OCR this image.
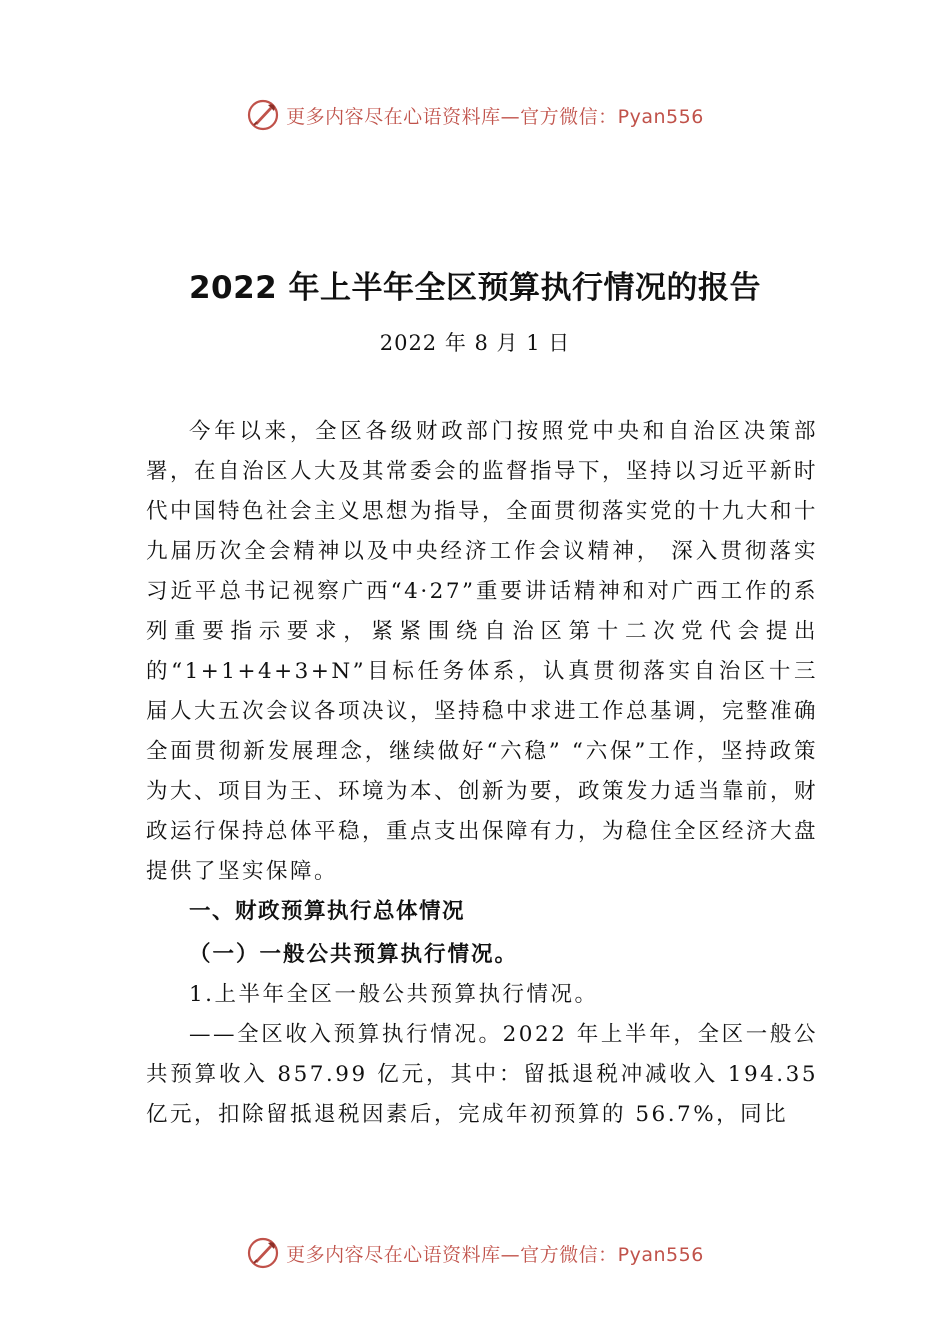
更多内容尽在心语资料库—官方微信：Pyan556
2022 年上半年全区预算执行情况的报告
2022 年 8 月 1 日

今年以来，全区各级财政部门按照党中央和自治区决策部署，在自治区人大及其常委会的监督指导下，坚持以习近平新时代中国特色社会主义思想为指导，全面贯彻落实党的十九大和十九届历次全会精神以及中央经济工作会议精神， 深入贯彻落实习近平总书记视察广西“4·27”重要讲话精神和对广西工作的系列重要指示要求，紧紧围绕自治区第十二次党代会提出的“1+1+4+3+N”目标任务体系，认真贯彻落实自治区十三届人大五次会议各项决议，坚持稳中求进工作总基调，完整准确全面贯彻新发展理念，继续做好“六稳” “六保”工作，坚持政策为大、项目为王、环境为本、创新为要，政策发力适当靠前，财政运行保持总体平稳，重点支出保障有力，为稳住全区经济大盘提供了坚实保障。

一、财政预算执行总体情况

（一）一般公共预算执行情况。

1.上半年全区一般公共预算执行情况。

——全区收入预算执行情况。2022 年上半年，全区一般公共预算收入 857.99 亿元，其中：留抵退税冲减收入 194.35 亿元，扣除留抵退税因素后，完成年初预算的 56.7%，同比

更多内容尽在心语资料库—官方微信：Pyan556
